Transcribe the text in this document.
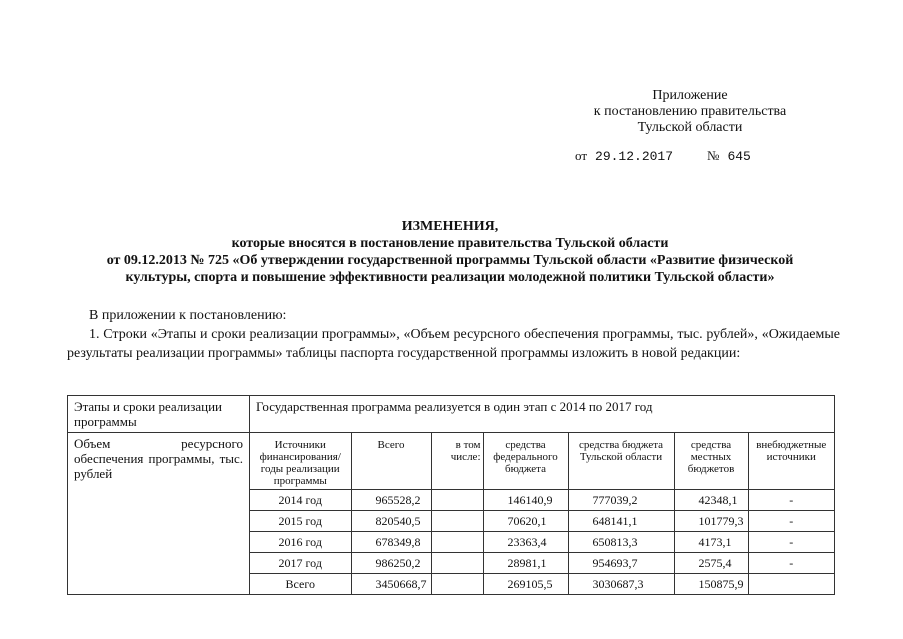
Приложение
к постановлению правительства
Тульской области
от 29.12.2017	№ 645
ИЗМЕНЕНИЯ,
которые вносятся в постановление правительства Тульской области
от 09.12.2013 № 725 «Об утверждении государственной программы Тульской области «Развитие физической
культуры, спорта и повышение эффективности реализации молодежной политики Тульской области»
В приложении к постановлению:
1. Строки «Этапы и сроки реализации программы», «Объем ресурсного обеспечения программы, тыс. рублей», «Ожидаемые результаты реализации программы» таблицы паспорта государственной программы изложить в новой редакции:
Этапы и сроки реализации программы	Государственная программа реализуется в один этап с 2014 по 2017 год
Объем ресурсного обеспечения программы, тыс. рублей	
Источники финансирования/ годы реализации программы	Всего	в том числе:	средства федерального бюджета	средства бюджета Тульской области	средства местных бюджетов	внебюджетные источники
2014 год	965528,2		146140,9	777039,2	42348,1	-
2015 год	820540,5		70620,1	648141,1	101779,3	-
2016 год	678349,8		23363,4	650813,3	4173,1	-
2017 год	986250,2		28981,1	954693,7	2575,4	-
Всего	3450668,7		269105,5	3030687,3	150875,9	
